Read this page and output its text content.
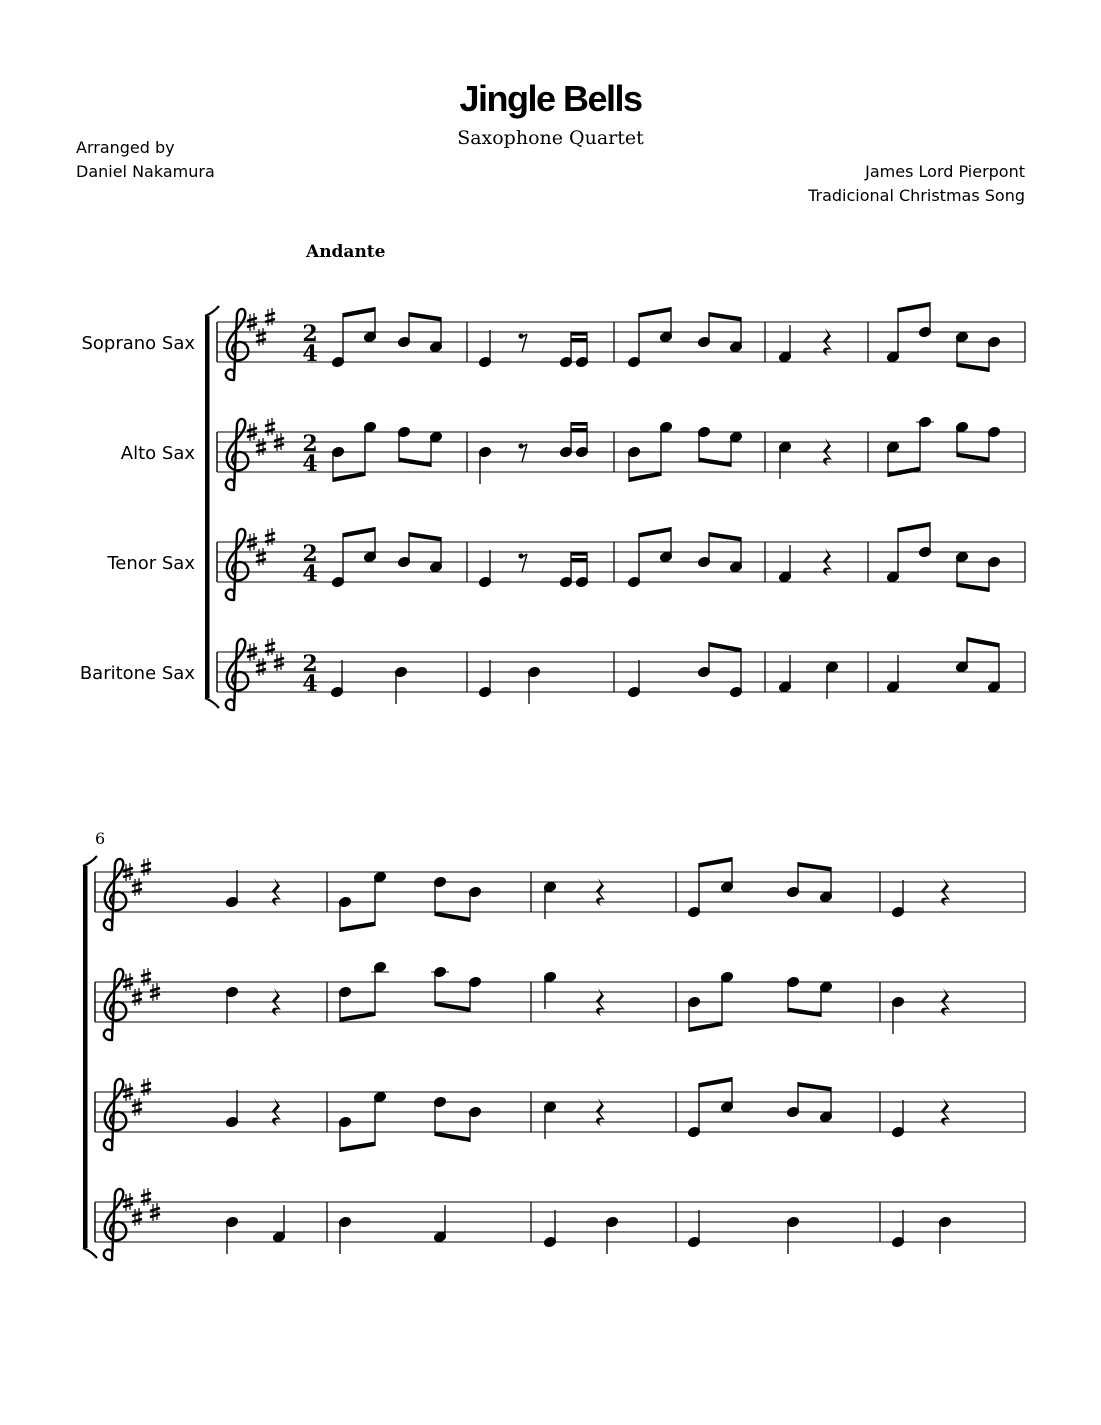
Jingle Bells
Saxophone Quartet
Arranged by
Daniel Nakamura	James Lord Pierpont
Tradicional Christmas Song
Andante
6
Soprano Sax
Alto Sax
Tenor Sax
Baritone Sax
2
4
2
4
2
4
2
4
